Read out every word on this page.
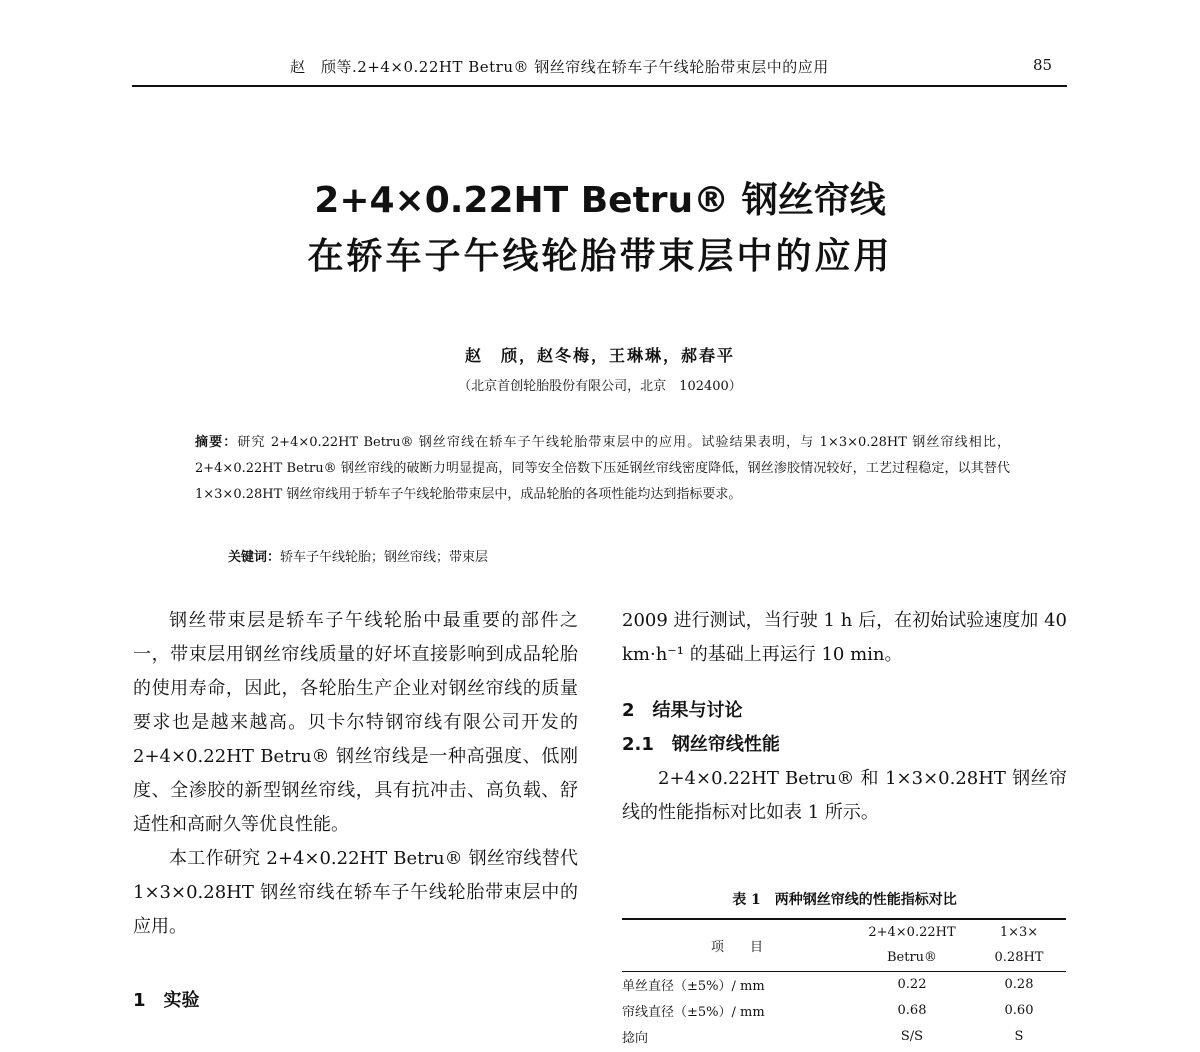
赵　颀等.2+4×0.22HT Betru® 钢丝帘线在轿车子午线轮胎带束层中的应用	85
2+4×0.22HT Betru® 钢丝帘线
在轿车子午线轮胎带束层中的应用
赵　颀，赵冬梅，王琳琳，郝春平
（北京首创轮胎股份有限公司，北京　102400）
摘要：研究 2+4×0.22HT Betru® 钢丝帘线在轿车子午线轮胎带束层中的应用。试验结果表明，与 1×3×0.28HT 钢丝帘线相比，2+4×0.22HT Betru® 钢丝帘线的破断力明显提高，同等安全倍数下压延钢丝帘线密度降低，钢丝渗胶情况较好，工艺过程稳定，以其替代 1×3×0.28HT 钢丝帘线用于轿车子午线轮胎带束层中，成品轮胎的各项性能均达到指标要求。
关键词：轿车子午线轮胎；钢丝帘线；带束层

钢丝带束层是轿车子午线轮胎中最重要的部件之一，带束层用钢丝帘线质量的好坏直接影响到成品轮胎的使用寿命，因此，各轮胎生产企业对钢丝帘线的质量要求也是越来越高。贝卡尔特钢帘线有限公司开发的 2+4×0.22HT Betru® 钢丝帘线是一种高强度、低刚度、全渗胶的新型钢丝帘线，具有抗冲击、高负载、舒适性和高耐久等优良性能。

本工作研究 2+4×0.22HT Betru® 钢丝帘线替代 1×3×0.28HT 钢丝帘线在轿车子午线轮胎带束层中的应用。

1　实验

2009 进行测试，当行驶 1 h 后，在初始试验速度加 40 km·h⁻¹ 的基础上再运行 10 min。

2　结果与讨论
2.1　钢丝帘线性能

2+4×0.22HT Betru® 和 1×3×0.28HT 钢丝帘线的性能指标对比如表 1 所示。

表 1　两种钢丝帘线的性能指标对比
项　　目	2+4×0.22HT	1×3×
	Betru®	0.28HT
单丝直径（±5%）/ mm	0.22	0.28
帘线直径（±5%）/ mm	0.68	0.60
捻向	S/S	S
